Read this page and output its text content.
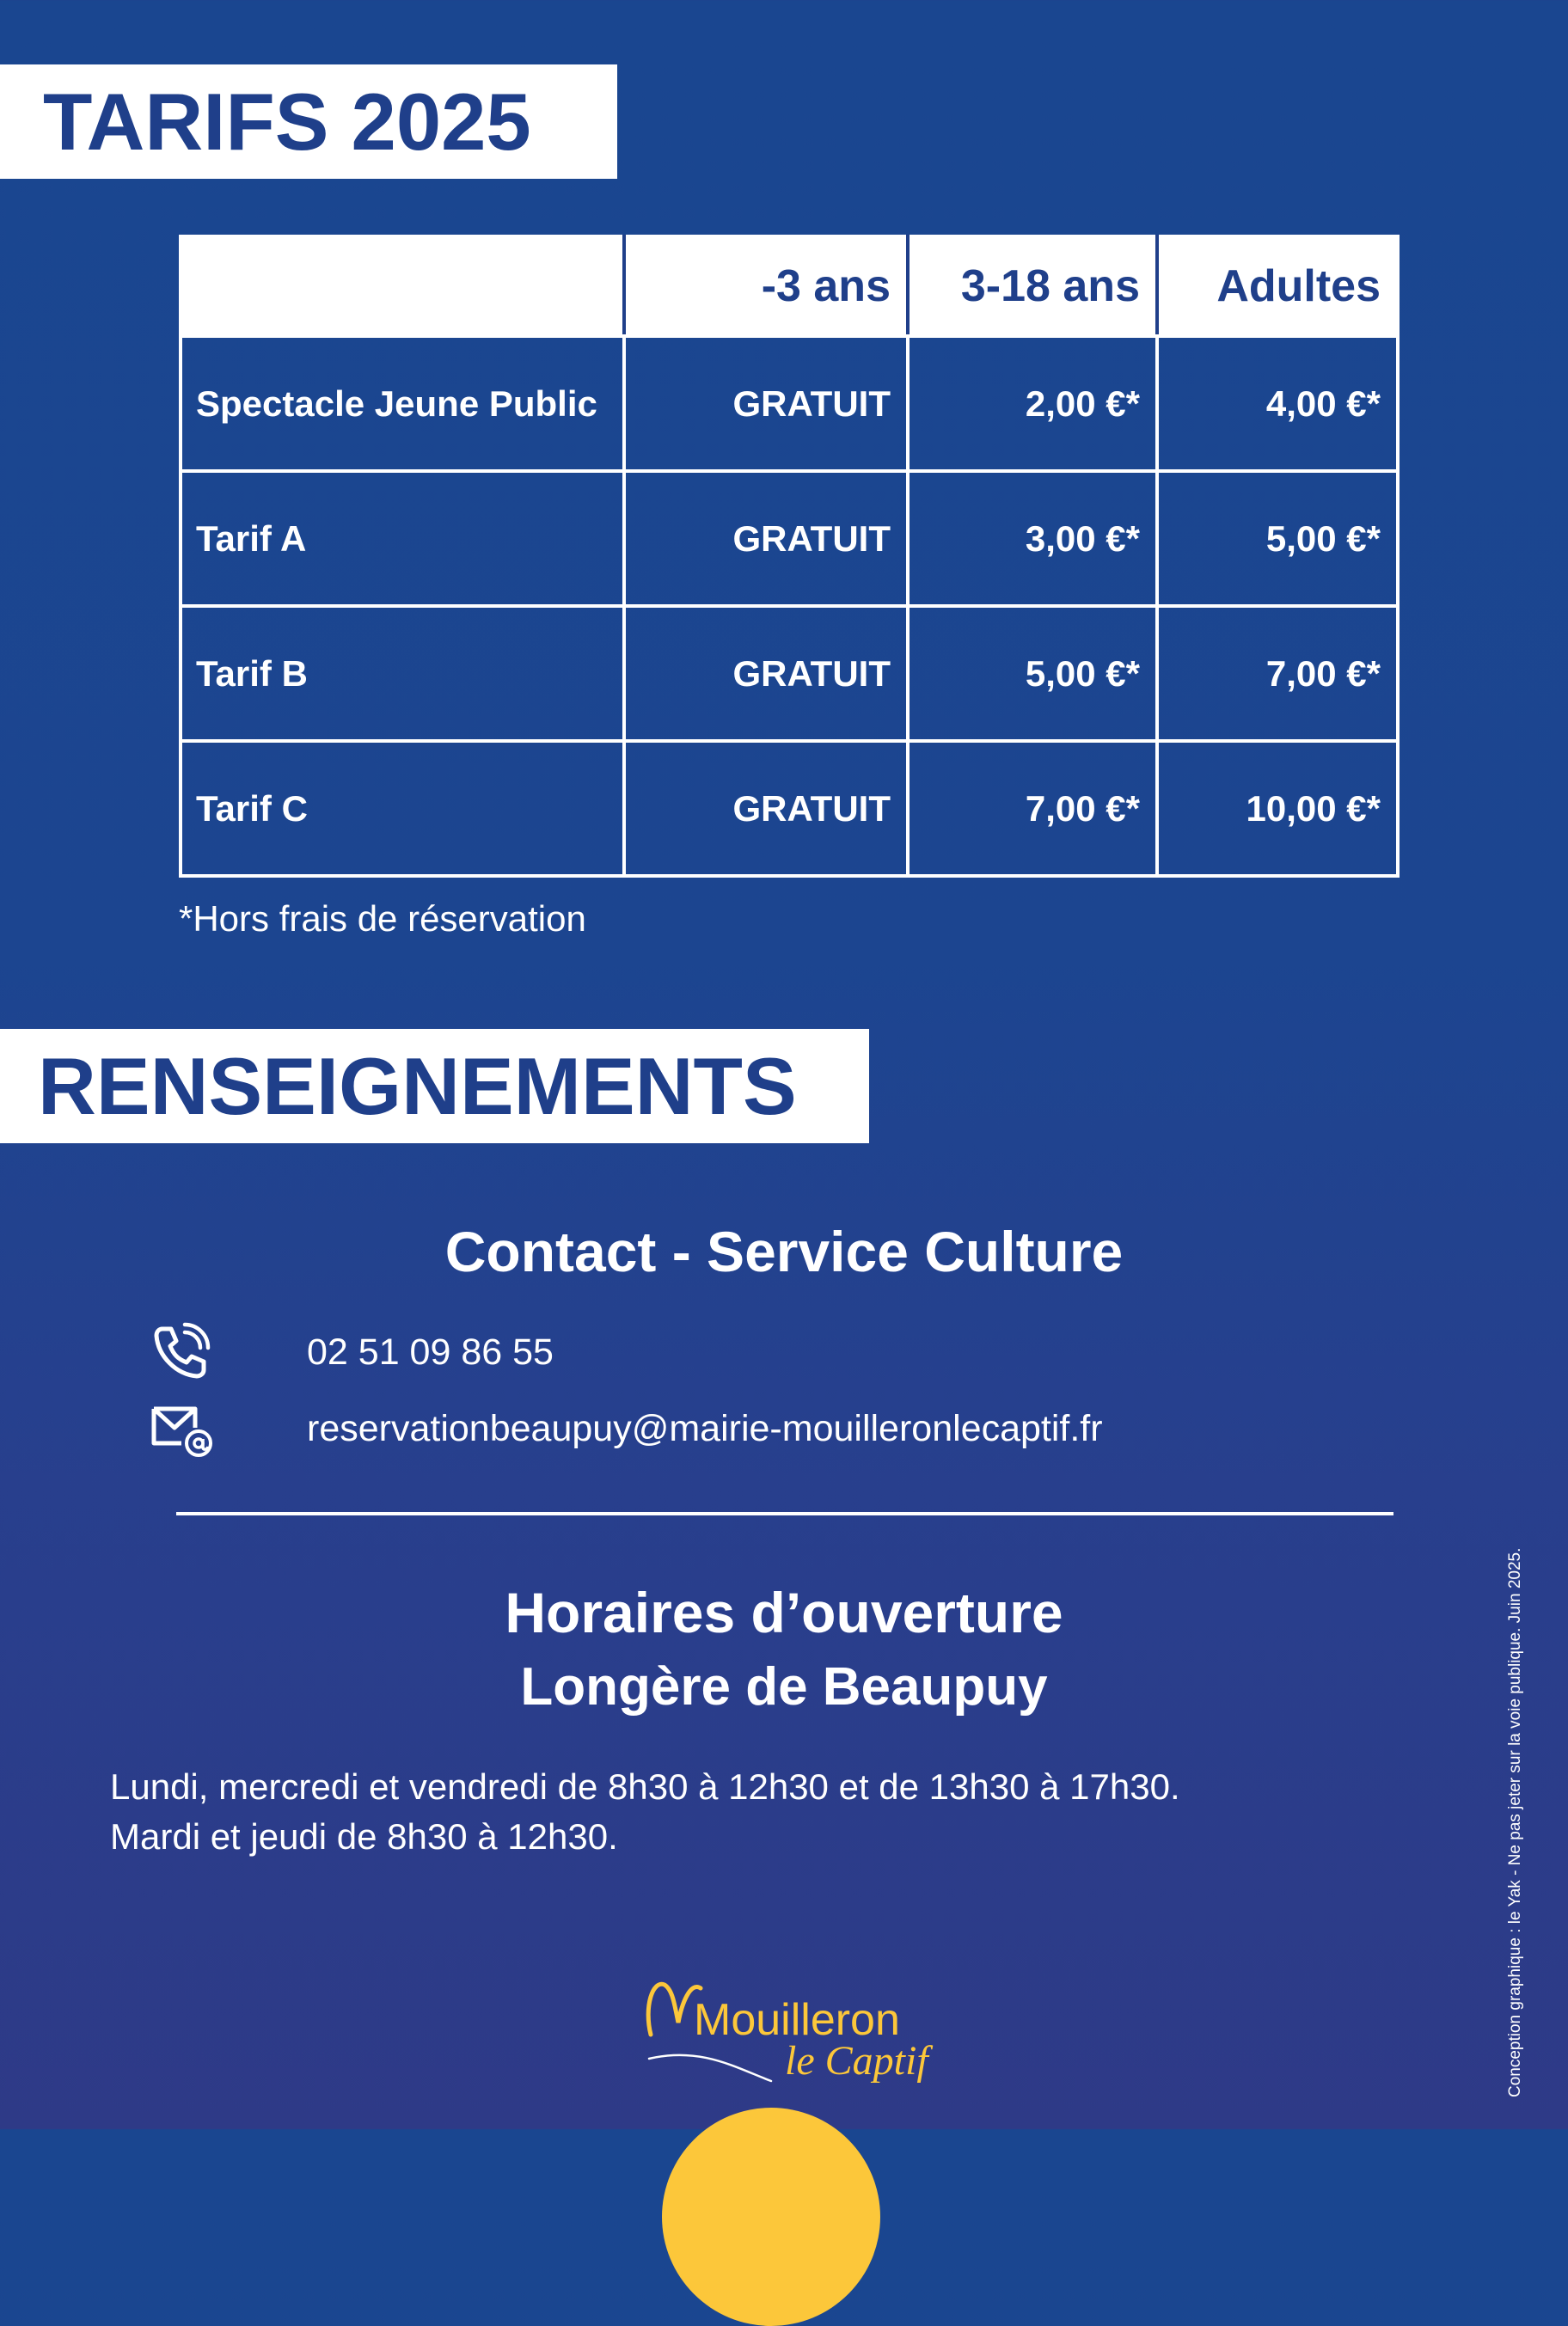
TARIFS 2025
	-3 ans	3-18 ans	Adultes
Spectacle Jeune Public	GRATUIT	2,00 €*	4,00 €*
Tarif A	GRATUIT	3,00 €*	5,00 €*
Tarif B	GRATUIT	5,00 €*	7,00 €*
Tarif C	GRATUIT	7,00 €*	10,00 €*
*Hors frais de réservation
RENSEIGNEMENTS
Contact - Service Culture
02 51 09 86 55
reservationbeaupuy@mairie-mouilleronlecaptif.fr
Horaires d’ouverture
Longère de Beaupuy
Lundi, mercredi et vendredi de 8h30 à 12h30 et de 13h30 à 17h30.
Mardi et jeudi de 8h30 à 12h30.
Mouilleron
le Captif	Conception graphique : le Yak - Ne pas jeter sur la voie publique. Juin 2025.
